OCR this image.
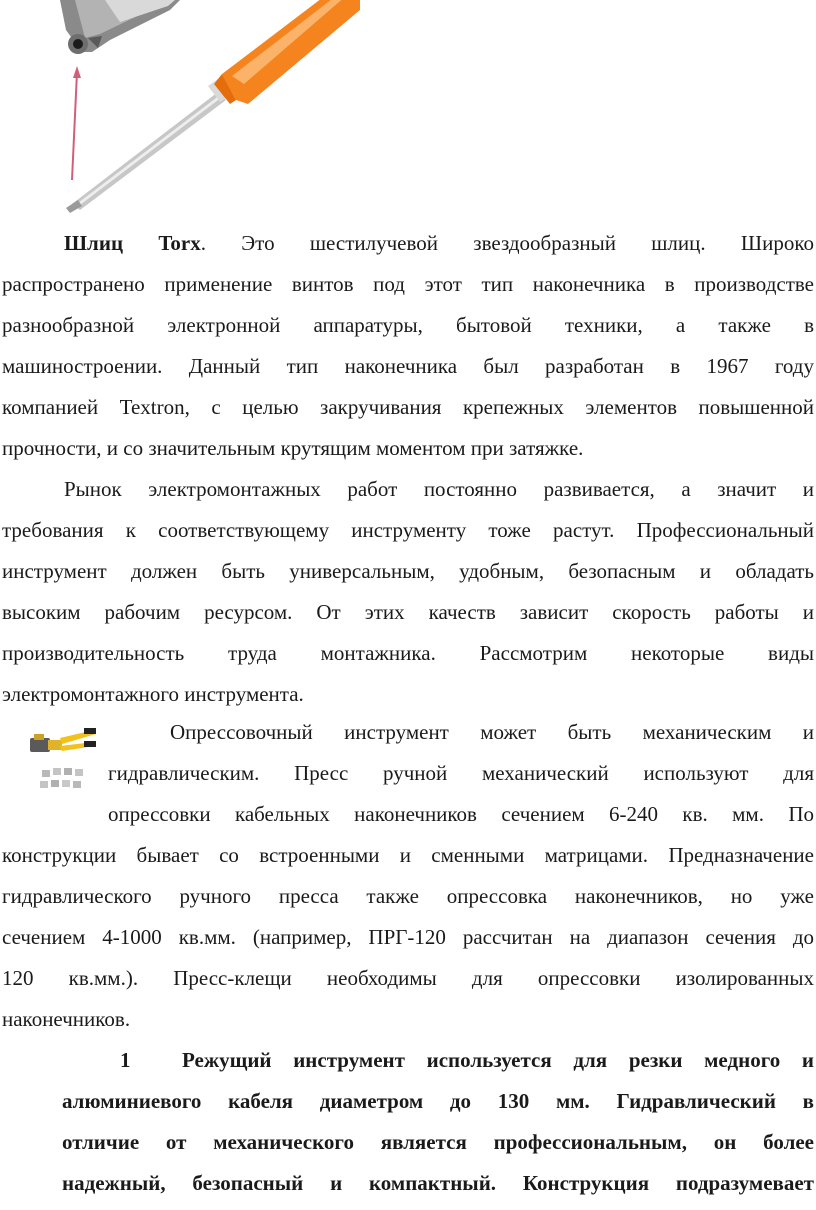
Шлиц Torx. Это шестилучевой звездообразный шлиц. Широко
распространено применение винтов под этот тип наконечника в производстве
разнообразной электронной аппаратуры, бытовой техники, а также в
машиностроении. Данный тип наконечника был разработан в 1967 году
компанией Textron, с целью закручивания крепежных элементов повышенной
прочности, и со значительным крутящим моментом при затяжке.
Рынок электромонтажных работ постоянно развивается, а значит и
требования к соответствующему инструменту тоже растут. Профессиональный
инструмент должен быть универсальным, удобным, безопасным и обладать
высоким рабочим ресурсом. От этих качеств зависит скорость работы и
производительность труда монтажника. Рассмотрим некоторые виды
электромонтажного инструмента.
Опрессовочный инструмент может быть механическим и
гидравлическим. Пресс ручной механический используют для
опрессовки кабельных наконечников сечением 6-240 кв. мм. По
конструкции бывает со встроенными и сменными матрицами. Предназначение
гидравлического ручного пресса также опрессовка наконечников, но уже
сечением 4-1000 кв.мм. (например, ПРГ-120 рассчитан на диапазон сечения до
120 кв.мм.). Пресс-клещи необходимы для опрессовки изолированных
наконечников.
1	Режущий инструмент используется для резки медного и
алюминиевого кабеля диаметром до 130 мм. Гидравлический в
отличие от механического является профессиональным, он более
надежный, безопасный и компактный. Конструкция подразумевает
